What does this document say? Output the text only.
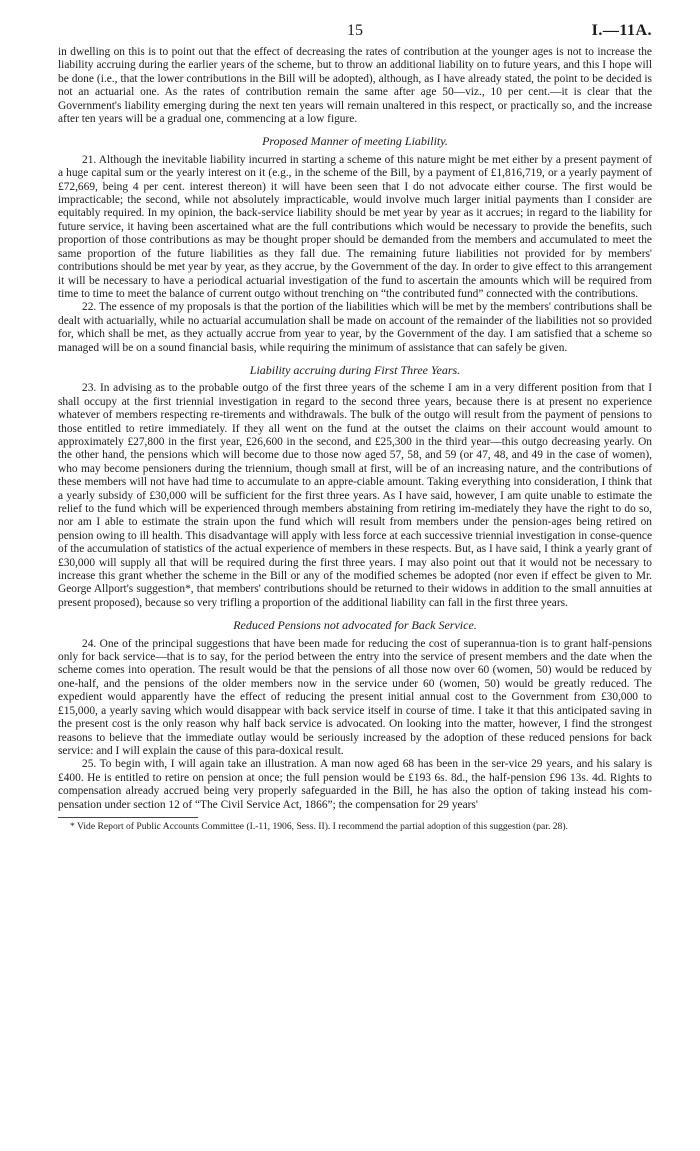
15	I.—11A.

in dwelling on this is to point out that the effect of decreasing the rates of contribution at the younger ages is not to increase the liability accruing during the earlier years of the scheme, but to throw an additional liability on to future years, and this I hope will be done (i.e., that the lower contributions in the Bill will be adopted), although, as I have already stated, the point to be decided is not an actuarial one. As the rates of contribution remain the same after age 50—viz., 10 per cent.—it is clear that the Government's liability emerging during the next ten years will remain unaltered in this respect, or practically so, and the increase after ten years will be a gradual one, commencing at a low figure.

Proposed Manner of meeting Liability.

21. Although the inevitable liability incurred in starting a scheme of this nature might be met either by a present payment of a huge capital sum or the yearly interest on it (e.g., in the scheme of the Bill, by a payment of £1,816,719, or a yearly payment of £72,669, being 4 per cent. interest thereon) it will have been seen that I do not advocate either course. The first would be impracticable; the second, while not absolutely impracticable, would involve much larger initial payments than I consider are equitably required. In my opinion, the back-service liability should be met year by year as it accrues; in regard to the liability for future service, it having been ascertained what are the full contributions which would be necessary to provide the benefits, such proportion of those contributions as may be thought proper should be demanded from the members and accumulated to meet the same proportion of the future liabilities as they fall due. The remaining future liabilities not provided for by members' contributions should be met year by year, as they accrue, by the Government of the day. In order to give effect to this arrangement it will be necessary to have a periodical actuarial investigation of the fund to ascertain the amounts which will be required from time to time to meet the balance of current outgo without trenching on “the contributed fund” connected with the contributions.

22. The essence of my proposals is that the portion of the liabilities which will be met by the members' contributions shall be dealt with actuarially, while no actuarial accumulation shall be made on account of the remainder of the liabilities not so provided for, which shall be met, as they actually accrue from year to year, by the Government of the day. I am satisfied that a scheme so managed will be on a sound financial basis, while requiring the minimum of assistance that can safely be given.

Liability accruing during First Three Years.

23. In advising as to the probable outgo of the first three years of the scheme I am in a very different position from that I shall occupy at the first triennial investigation in regard to the second three years, because there is at present no experience whatever of members respecting re-tirements and withdrawals. The bulk of the outgo will result from the payment of pensions to those entitled to retire immediately. If they all went on the fund at the outset the claims on their account would amount to approximately £27,800 in the first year, £26,600 in the second, and £25,300 in the third year—this outgo decreasing yearly. On the other hand, the pensions which will become due to those now aged 57, 58, and 59 (or 47, 48, and 49 in the case of women), who may become pensioners during the triennium, though small at first, will be of an increasing nature, and the contributions of these members will not have had time to accumulate to an appre-ciable amount. Taking everything into consideration, I think that a yearly subsidy of £30,000 will be sufficient for the first three years. As I have said, however, I am quite unable to estimate the relief to the fund which will be experienced through members abstaining from retiring im-mediately they have the right to do so, nor am I able to estimate the strain upon the fund which will result from members under the pension-ages being retired on pension owing to ill health. This disadvantage will apply with less force at each successive triennial investigation in conse-quence of the accumulation of statistics of the actual experience of members in these respects. But, as I have said, I think a yearly grant of £30,000 will supply all that will be required during the first three years. I may also point out that it would not be necessary to increase this grant whether the scheme in the Bill or any of the modified schemes be adopted (nor even if effect be given to Mr. George Allport's suggestion*, that members' contributions should be returned to their widows in addition to the small annuities at present proposed), because so very trifling a proportion of the additional liability can fall in the first three years.

Reduced Pensions not advocated for Back Service.

24. One of the principal suggestions that have been made for reducing the cost of superannua-tion is to grant half-pensions only for back service—that is to say, for the period between the entry into the service of present members and the date when the scheme comes into operation. The result would be that the pensions of all those now over 60 (women, 50) would be reduced by one-half, and the pensions of the older members now in the service under 60 (women, 50) would be greatly reduced. The expedient would apparently have the effect of reducing the present initial annual cost to the Government from £30,000 to £15,000, a yearly saving which would disappear with back service itself in course of time. I take it that this anticipated saving in the present cost is the only reason why half back service is advocated. On looking into the matter, however, I find the strongest reasons to believe that the immediate outlay would be seriously increased by the adoption of these reduced pensions for back service: and I will explain the cause of this para-doxical result.

25. To begin with, I will again take an illustration. A man now aged 68 has been in the ser-vice 29 years, and his salary is £400. He is entitled to retire on pension at once; the full pension would be £193 6s. 8d., the half-pension £96 13s. 4d. Rights to compensation already accrued being very properly safeguarded in the Bill, he has also the option of taking instead his com-pensation under section 12 of “The Civil Service Act, 1866”; the compensation for 29 years'

* Vide Report of Public Accounts Committee (I.-11, 1906, Sess. II). I recommend the partial adoption of this suggestion (par. 28).
